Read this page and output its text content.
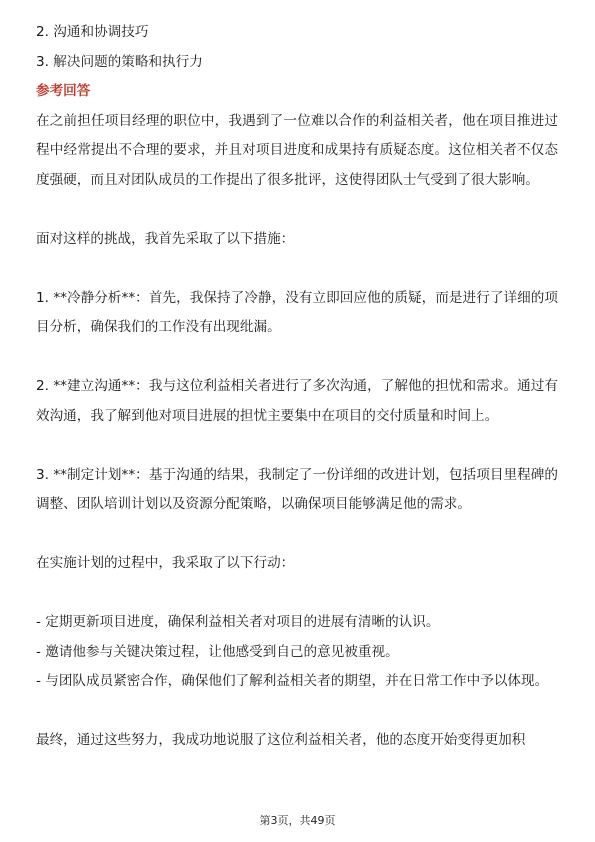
2. 沟通和协调技巧

3. 解决问题的策略和执行力

参考回答

在之前担任项目经理的职位中，我遇到了一位难以合作的利益相关者，他在项目推进过程中经常提出不合理的要求，并且对项目进度和成果持有质疑态度。这位相关者不仅态度强硬，而且对团队成员的工作提出了很多批评，这使得团队士气受到了很大影响。

面对这样的挑战，我首先采取了以下措施：

1. **冷静分析**：首先，我保持了冷静，没有立即回应他的质疑，而是进行了详细的项目分析，确保我们的工作没有出现纰漏。

2. **建立沟通**：我与这位利益相关者进行了多次沟通，了解他的担忧和需求。通过有效沟通，我了解到他对项目进展的担忧主要集中在项目的交付质量和时间上。

3. **制定计划**：基于沟通的结果，我制定了一份详细的改进计划，包括项目里程碑的调整、团队培训计划以及资源分配策略，以确保项目能够满足他的需求。

在实施计划的过程中，我采取了以下行动：

- 定期更新项目进度，确保利益相关者对项目的进展有清晰的认识。

- 邀请他参与关键决策过程，让他感受到自己的意见被重视。

- 与团队成员紧密合作，确保他们了解利益相关者的期望，并在日常工作中予以体现。

最终，通过这些努力，我成功地说服了这位利益相关者，他的态度开始变得更加积

第3页，共49页
